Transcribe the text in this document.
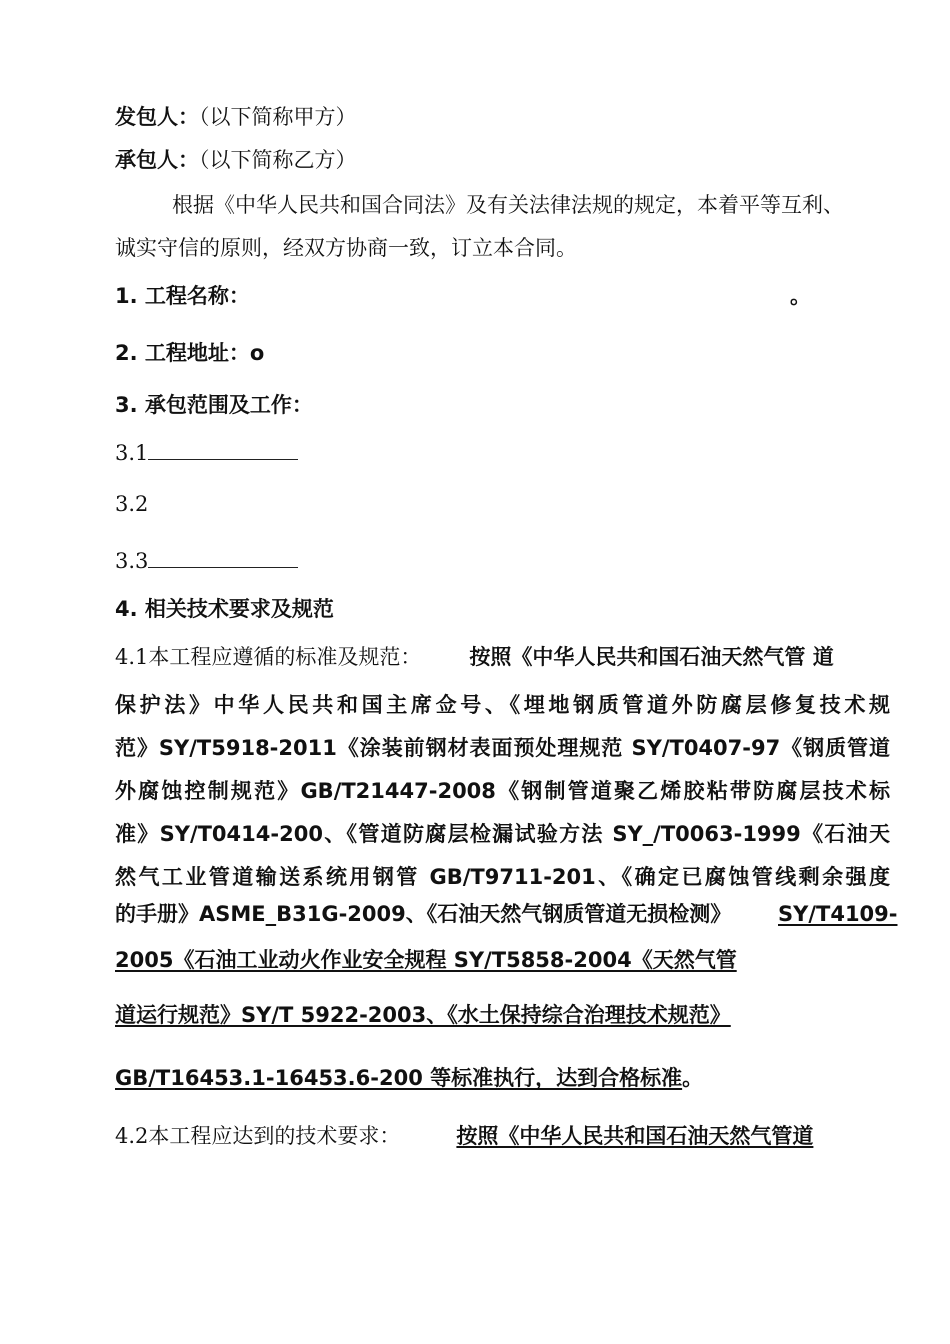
发包人：（以下简称甲方）
承包人：（以下简称乙方）
根据《中华人民共和国合同法》及有关法律法规的规定，本着平等互利、
诚实守信的原则，经双方协商一致，订立本合同。
1. 工程名称：	。
2. 工程地址：o
3. 承包范围及工作：
3.1
3.2
3.3
4. 相关技术要求及规范
4.1本工程应遵循的标准及规范： 按照《中华人民共和国石油天然气管 道
保护法》中华人民共和国主席佥号、《埋地钢质管道外防腐层修复技术规
范》SY/T5918-2011《涂装前钢材表面预处理规范 SY/T0407-97《钢质管道
外腐蚀控制规范》GB/T21447-2008《钢制管道聚乙烯胶粘带防腐层技术标
准》SY/T0414-200、《管道防腐层检漏试验方法 SY_/T0063-1999《石油天
然气工业管道输送系统用钢管 GB/T9711-201、《确定已腐蚀管线剩余强度
的手册》ASME_B31G-2009、《石油天然气钢质管道无损检测》 SY/T4109-
2005《石油工业动火作业安全规程 SY/T5858-2004《天然气管
道运行规范》SY/T 5922-2003、《水土保持综合治理技术规范》
GB/T16453.1-16453.6-200 等标准执行，达到合格标准。
4.2本工程应达到的技术要求：	按照《中华人民共和国石油天然气管道
